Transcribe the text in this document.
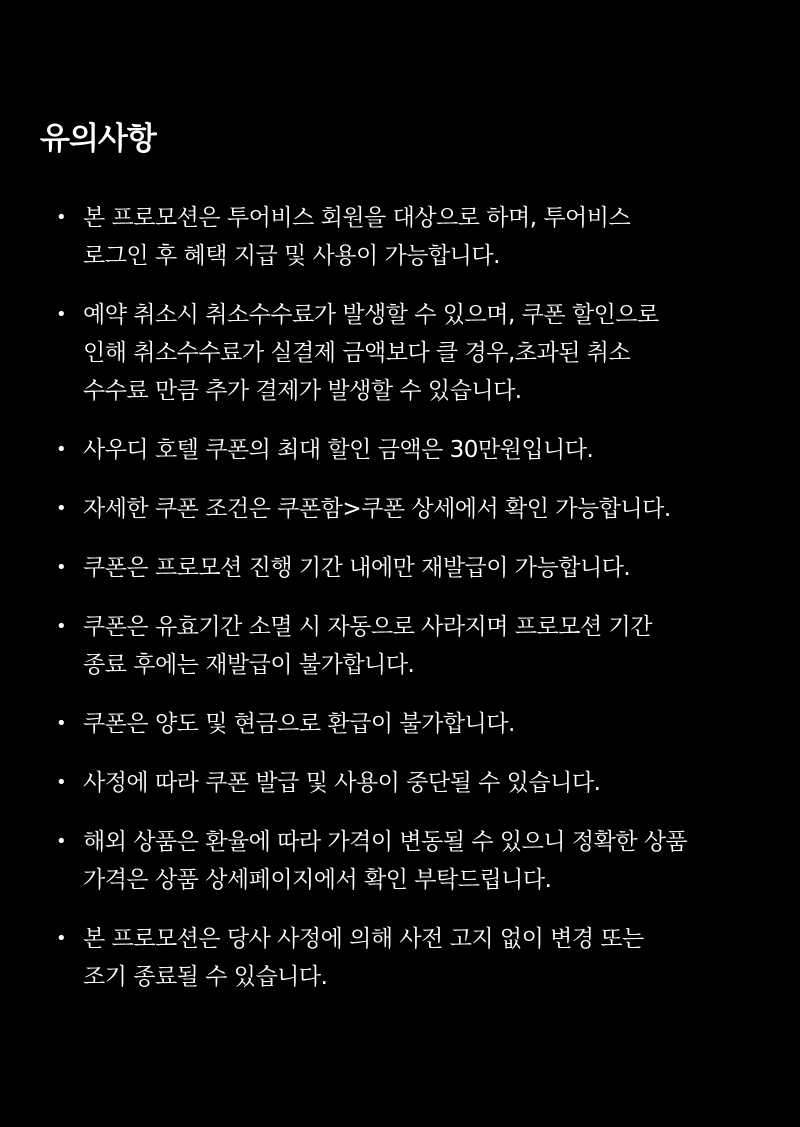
유의사항
• 본 프로모션은 투어비스 회원을 대상으로 하며, 투어비스
로그인 후 혜택 지급 및 사용이 가능합니다.
• 예약 취소시 취소수수료가 발생할 수 있으며, 쿠폰 할인으로
인해 취소수수료가 실결제 금액보다 클 경우,초과된 취소
수수료 만큼 추가 결제가 발생할 수 있습니다.
• 사우디 호텔 쿠폰의 최대 할인 금액은 30만원입니다.
• 자세한 쿠폰 조건은 쿠폰함>쿠폰 상세에서 확인 가능합니다.
• 쿠폰은 프로모션 진행 기간 내에만 재발급이 가능합니다.
• 쿠폰은 유효기간 소멸 시 자동으로 사라지며 프로모션 기간
종료 후에는 재발급이 불가합니다.
• 쿠폰은 양도 및 현금으로 환급이 불가합니다.
• 사정에 따라 쿠폰 발급 및 사용이 중단될 수 있습니다.
• 해외 상품은 환율에 따라 가격이 변동될 수 있으니 정확한 상품
가격은 상품 상세페이지에서 확인 부탁드립니다.
• 본 프로모션은 당사 사정에 의해 사전 고지 없이 변경 또는
조기 종료될 수 있습니다.
